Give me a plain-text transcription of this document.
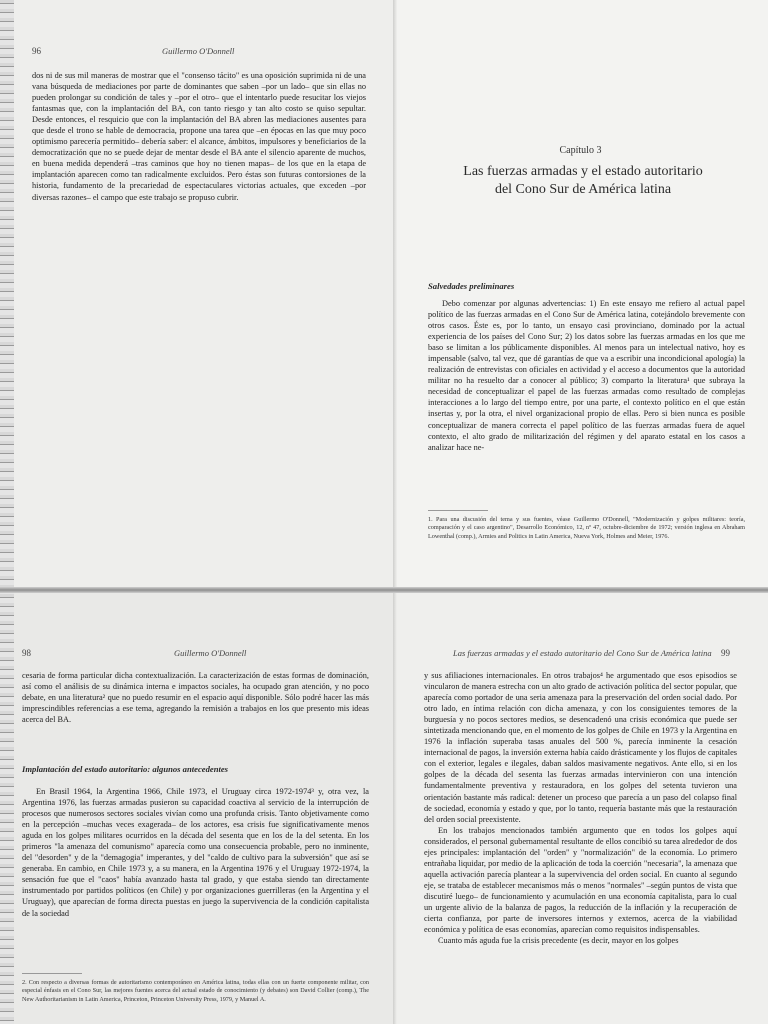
96	Guillermo O'Donnell

dos ni de sus mil maneras de mostrar que el "consenso tácito" es una oposición suprimida ni de una vana búsqueda de mediaciones por parte de dominantes que saben –por un lado– que sin ellas no pueden prolongar su condición de tales y –por el otro– que el intentarlo puede resucitar los viejos fantasmas que, con la implantación del BA, con tanto riesgo y tan alto costo se quiso sepultar. Desde entonces, el resquicio que con la implantación del BA abren las mediaciones ausentes para que desde el trono se hable de democracia, propone una tarea que –en épocas en las que muy poco optimismo parecería permitido– debería saber: el alcance, ámbitos, impulsores y beneficiarios de la democratización que no se puede dejar de mentar desde el BA ante el silencio aparente de muchos, en buena medida dependerá –tras caminos que hoy no tienen mapas– de los que en la etapa de implantación aparecen como tan radicalmente excluidos. Pero éstas son futuras contorsiones de la historia, fundamento de la precariedad de espectaculares victorias actuales, que exceden –por diversas razones– el campo que este trabajo se propuso cubrir.

Capítulo 3
Las fuerzas armadas y el estado autoritario
del Cono Sur de América latina
Salvedades preliminares

Debo comenzar por algunas advertencias: 1) En este ensayo me refiero al actual papel político de las fuerzas armadas en el Cono Sur de América latina, cotejándolo brevemente con otros casos. Éste es, por lo tanto, un ensayo casi provinciano, dominado por la actual experiencia de los países del Cono Sur; 2) los datos sobre las fuerzas armadas en los que me baso se limitan a los públicamente disponibles. Al menos para un intelectual nativo, hoy es impensable (salvo, tal vez, que dé garantías de que va a escribir una incondicional apología) la realización de entrevistas con oficiales en actividad y el acceso a documentos que la autoridad militar no ha resuelto dar a conocer al público; 3) comparto la literatura¹ que subraya la necesidad de conceptualizar el papel de las fuerzas armadas como resultado de complejas interacciones a lo largo del tiempo entre, por una parte, el contexto político en el que están insertas y, por la otra, el nivel organizacional propio de ellas. Pero si bien nunca es posible conceptualizar de manera correcta el papel político de las fuerzas armadas fuera de aquel contexto, el alto grado de militarización del régimen y del aparato estatal en los casos a analizar hace ne-

1. Para una discusión del tema y sus fuentes, véase Guillermo O'Donnell, "Modernización y golpes militares: teoría, comparación y el caso argentino", Desarrollo Económico, 12, nº 47, octubre-diciembre de 1972; versión inglesa en Abraham Lowenthal (comp.), Armies and Politics in Latin America, Nueva York, Holmes and Meier, 1976.
98	Guillermo O'Donnell

cesaria de forma particular dicha contextualización. La caracterización de estas formas de dominación, así como el análisis de su dinámica interna e impactos sociales, ha ocupado gran atención, y no poco debate, en una literatura² que no puedo resumir en el espacio aquí disponible. Sólo podré hacer las más imprescindibles referencias a ese tema, agregando la remisión a trabajos en los que presento mis ideas acerca del BA.

Implantación del estado autoritario: algunos antecedentes

En Brasil 1964, la Argentina 1966, Chile 1973, el Uruguay circa 1972-1974³ y, otra vez, la Argentina 1976, las fuerzas armadas pusieron su capacidad coactiva al servicio de la interrupción de procesos que numerosos sectores sociales vivían como una profunda crisis. Tanto objetivamente como en la percepción –muchas veces exagerada– de los actores, esa crisis fue significativamente menos aguda en los golpes militares ocurridos en la década del sesenta que en los de la del setenta. En los primeros "la amenaza del comunismo" aparecía como una consecuencia probable, pero no inminente, del "desorden" y de la "demagogia" imperantes, y del "caldo de cultivo para la subversión" que así se generaba. En cambio, en Chile 1973 y, a su manera, en la Argentina 1976 y el Uruguay 1972-1974, la sensación fue que el "caos" había avanzado hasta tal grado, y que estaba siendo tan directamente instrumentado por partidos políticos (en Chile) y por organizaciones guerrilleras (en la Argentina y el Uruguay), que aparecían de forma directa puestas en juego la supervivencia de la condición capitalista de la sociedad

2. Con respecto a diversas formas de autoritarismo contemporáneo en América latina, todas ellas con un fuerte componente militar, con especial énfasis en el Cono Sur, las mejores fuentes acerca del actual estado de conocimiento (y debates) son David Collier (comp.), The New Authoritarianism in Latin America, Princeton, Princeton University Press, 1979, y Manuel A.
Las fuerzas armadas y el estado autoritario del Cono Sur de América latina 99

y sus afiliaciones internacionales. En otros trabajos⁴ he argumentado que esos episodios se vincularon de manera estrecha con un alto grado de activación política del sector popular, que aparecía como portador de una seria amenaza para la preservación del orden social dado. Por otro lado, en íntima relación con dicha amenaza, y con los consiguientes temores de la burguesía y no pocos sectores medios, se desencadenó una crisis económica que puede ser sintetizada mencionando que, en el momento de los golpes de Chile en 1973 y la Argentina en 1976 la inflación superaba tasas anuales del 500 %, parecía inminente la cesación internacional de pagos, la inversión externa había caído drásticamente y los flujos de capitales con el exterior, legales e ilegales, daban saldos masivamente negativos. Ante ello, si en los golpes de la década del sesenta las fuerzas armadas intervinieron con una intención fundamentalmente preventiva y restauradora, en los golpes del setenta tuvieron una orientación bastante más radical: detener un proceso que parecía a un paso del colapso final de sociedad, economía y estado y que, por lo tanto, requería bastante más que la restauración del orden social preexistente.

En los trabajos mencionados también argumento que en todos los golpes aquí considerados, el personal gubernamental resultante de ellos concibió su tarea alrededor de dos ejes principales: implantación del "orden" y "normalización" de la economía. Lo primero entrañaba liquidar, por medio de la aplicación de toda la coerción "necesaria", la amenaza que aquella activación parecía plantear a la supervivencia del orden social. En cuanto al segundo eje, se trataba de establecer mecanismos más o menos "normales" –según puntos de vista que discutiré luego– de funcionamiento y acumulación en una economía capitalista, para lo cual un urgente alivio de la balanza de pagos, la reducción de la inflación y la recuperación de cierta confianza, por parte de inversores internos y externos, acerca de la viabilidad económica y política de esas economías, aparecían como requisitos indispensables.

Cuanto más aguda fue la crisis precedente (es decir, mayor en los golpes
